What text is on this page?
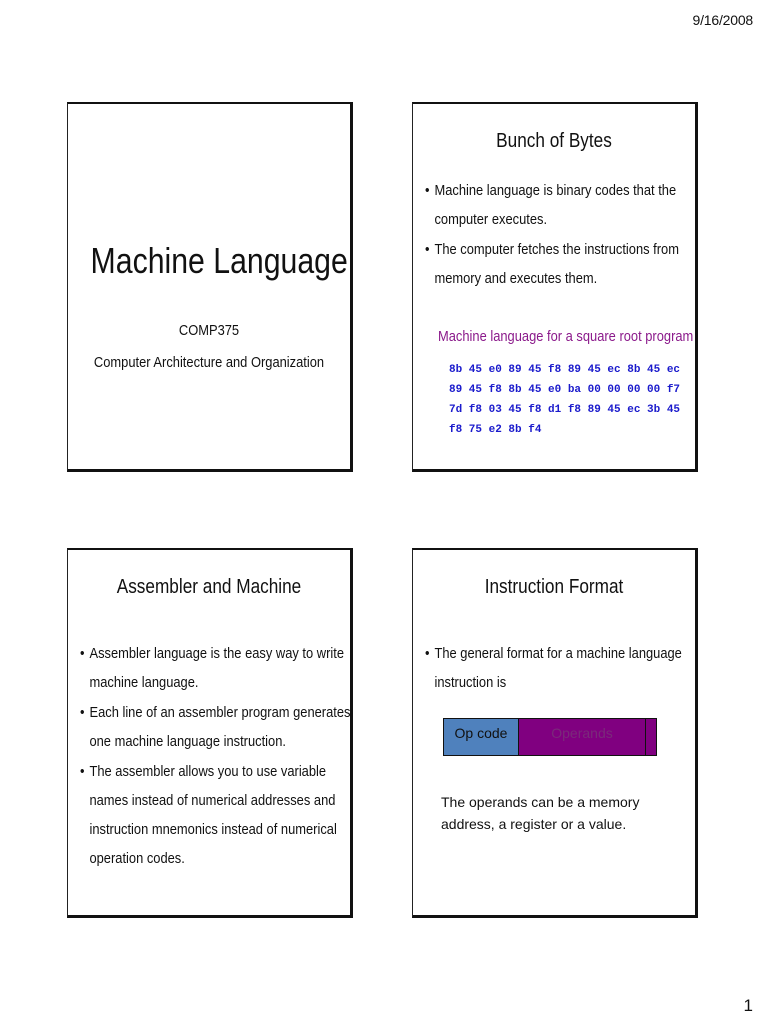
9/16/2008
Machine Language
COMP375
Computer Architecture and Organization
Bunch of Bytes
• Machine language is binary codes that the computer executes.
• The computer fetches the instructions from memory and executes them.
Machine language for a square root program
8b 45 e0 89 45 f8 89 45 ec 8b 45 ec
89 45 f8 8b 45 e0 ba 00 00 00 00 f7
7d f8 03 45 f8 d1 f8 89 45 ec 3b 45
f8 75 e2 8b f4
Assembler and Machine
• Assembler language is the easy way to write machine language.
• Each line of an assembler program generates one machine language instruction.
• The assembler allows you to use variable names instead of numerical addresses and instruction mnemonics instead of numerical operation codes.
Instruction Format
• The general format for a machine language instruction is
Op code	Operands
The operands can be a memory address, a register or a value.
1
